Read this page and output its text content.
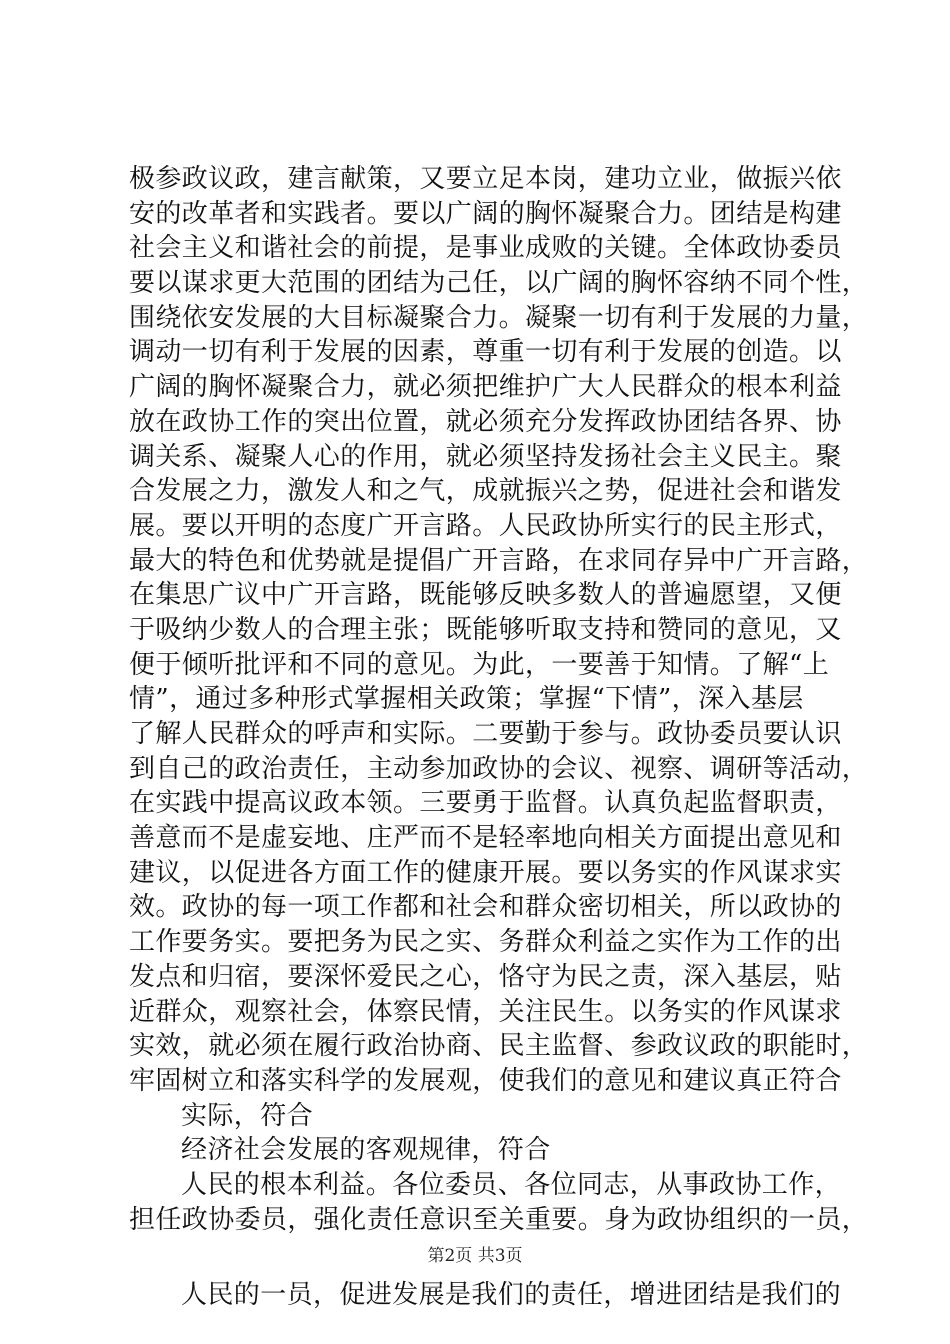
极参政议政，建言献策，又要立足本岗，建功立业，做振兴依
安的改革者和实践者。要以广阔的胸怀凝聚合力。团结是构建
社会主义和谐社会的前提，是事业成败的关键。全体政协委员
要以谋求更大范围的团结为己任，以广阔的胸怀容纳不同个性，
围绕依安发展的大目标凝聚合力。凝聚一切有利于发展的力量，
调动一切有利于发展的因素，尊重一切有利于发展的创造。以
广阔的胸怀凝聚合力，就必须把维护广大人民群众的根本利益
放在政协工作的突出位置，就必须充分发挥政协团结各界、协
调关系、凝聚人心的作用，就必须坚持发扬社会主义民主。聚
合发展之力，激发人和之气，成就振兴之势，促进社会和谐发
展。要以开明的态度广开言路。人民政协所实行的民主形式，
最大的特色和优势就是提倡广开言路，在求同存异中广开言路，
在集思广议中广开言路，既能够反映多数人的普遍愿望，又便
于吸纳少数人的合理主张；既能够听取支持和赞同的意见，又
便于倾听批评和不同的意见。为此，一要善于知情。了解“上
情”，通过多种形式掌握相关政策；掌握“下情”，深入基层
了解人民群众的呼声和实际。二要勤于参与。政协委员要认识
到自己的政治责任，主动参加政协的会议、视察、调研等活动，
在实践中提高议政本领。三要勇于监督。认真负起监督职责，
善意而不是虚妄地、庄严而不是轻率地向相关方面提出意见和
建议，以促进各方面工作的健康开展。要以务实的作风谋求实
效。政协的每一项工作都和社会和群众密切相关，所以政协的
工作要务实。要把务为民之实、务群众利益之实作为工作的出
发点和归宿，要深怀爱民之心，恪守为民之责，深入基层，贴
近群众，观察社会，体察民情，关注民生。以务实的作风谋求
实效，就必须在履行政治协商、民主监督、参政议政的职能时，
牢固树立和落实科学的发展观，使我们的意见和建议真正符合
实际，符合
经济社会发展的客观规律，符合
人民的根本利益。各位委员、各位同志，从事政协工作，
担任政协委员，强化责任意识至关重要。身为政协组织的一员，
人民的一员，促进发展是我们的责任，增进团结是我们的
第2页 共3页
